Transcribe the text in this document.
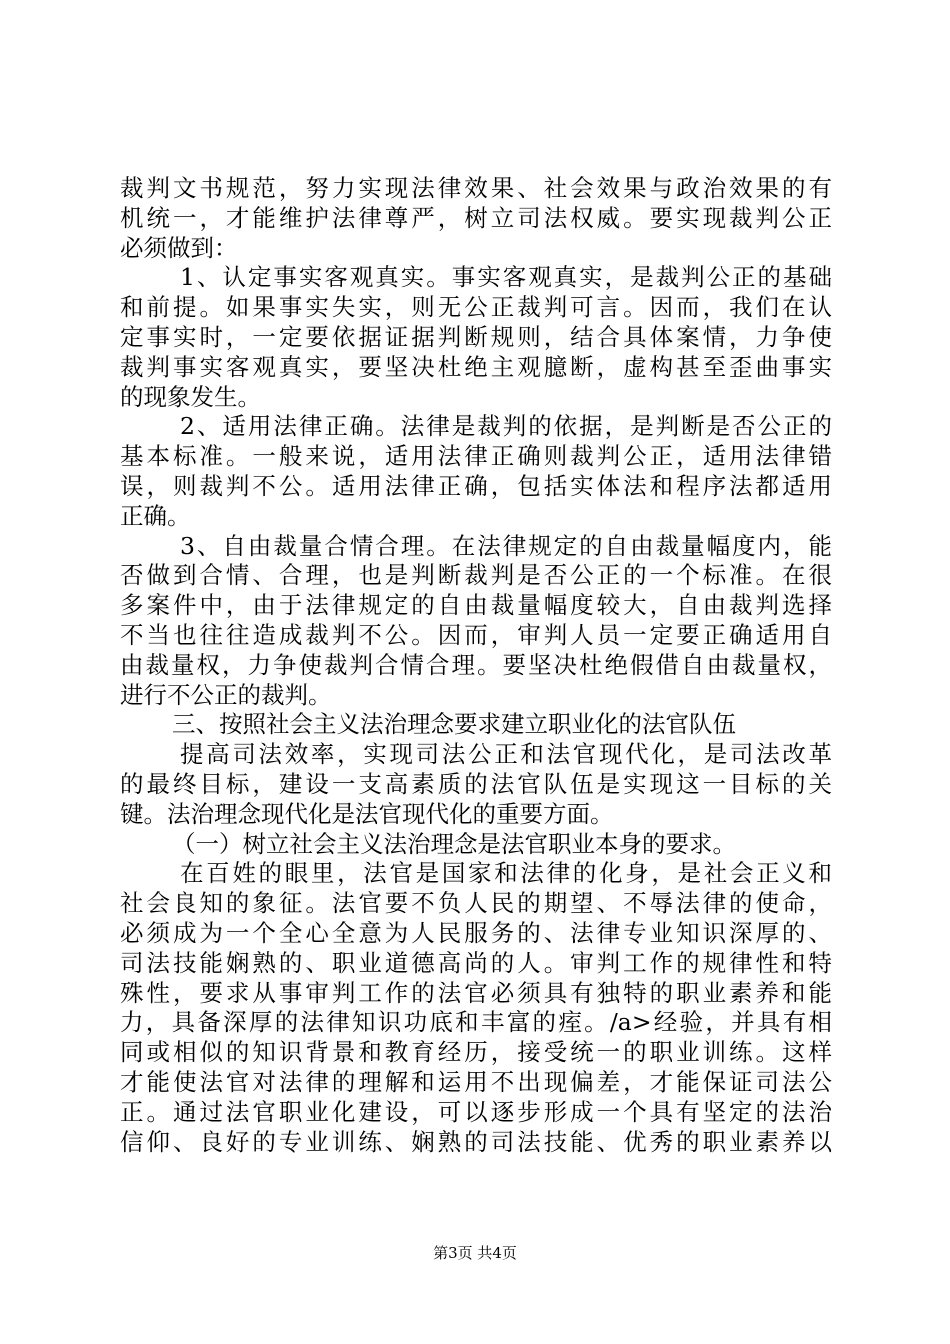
裁判文书规范，努力实现法律效果、社会效果与政治效果的有
机统一，才能维护法律尊严，树立司法权威。要实现裁判公正
必须做到：
1、认定事实客观真实。事实客观真实，是裁判公正的基础
和前提。如果事实失实，则无公正裁判可言。因而，我们在认
定事实时，一定要依据证据判断规则，结合具体案情，力争使
裁判事实客观真实，要坚决杜绝主观臆断，虚构甚至歪曲事实
的现象发生。
2、适用法律正确。法律是裁判的依据，是判断是否公正的
基本标准。一般来说，适用法律正确则裁判公正，适用法律错
误，则裁判不公。适用法律正确，包括实体法和程序法都适用
正确。
3、自由裁量合情合理。在法律规定的自由裁量幅度内，能
否做到合情、合理，也是判断裁判是否公正的一个标准。在很
多案件中，由于法律规定的自由裁量幅度较大，自由裁判选择
不当也往往造成裁判不公。因而，审判人员一定要正确适用自
由裁量权，力争使裁判合情合理。要坚决杜绝假借自由裁量权，
进行不公正的裁判。
三、按照社会主义法治理念要求建立职业化的法官队伍
提高司法效率，实现司法公正和法官现代化，是司法改革
的最终目标，建设一支高素质的法官队伍是实现这一目标的关
键。法治理念现代化是法官现代化的重要方面。
（一）树立社会主义法治理念是法官职业本身的要求。
在百姓的眼里，法官是国家和法律的化身，是社会正义和
社会良知的象征。法官要不负人民的期望、不辱法律的使命，
必须成为一个全心全意为人民服务的、法律专业知识深厚的、
司法技能娴熟的、职业道德高尚的人。审判工作的规律性和特
殊性，要求从事审判工作的法官必须具有独特的职业素养和能
力，具备深厚的法律知识功底和丰富的痓。/a>经验，并具有相
同或相似的知识背景和教育经历，接受统一的职业训练。这样
才能使法官对法律的理解和运用不出现偏差，才能保证司法公
正。通过法官职业化建设，可以逐步形成一个具有坚定的法治
信仰、良好的专业训练、娴熟的司法技能、优秀的职业素养以
第3页 共4页
